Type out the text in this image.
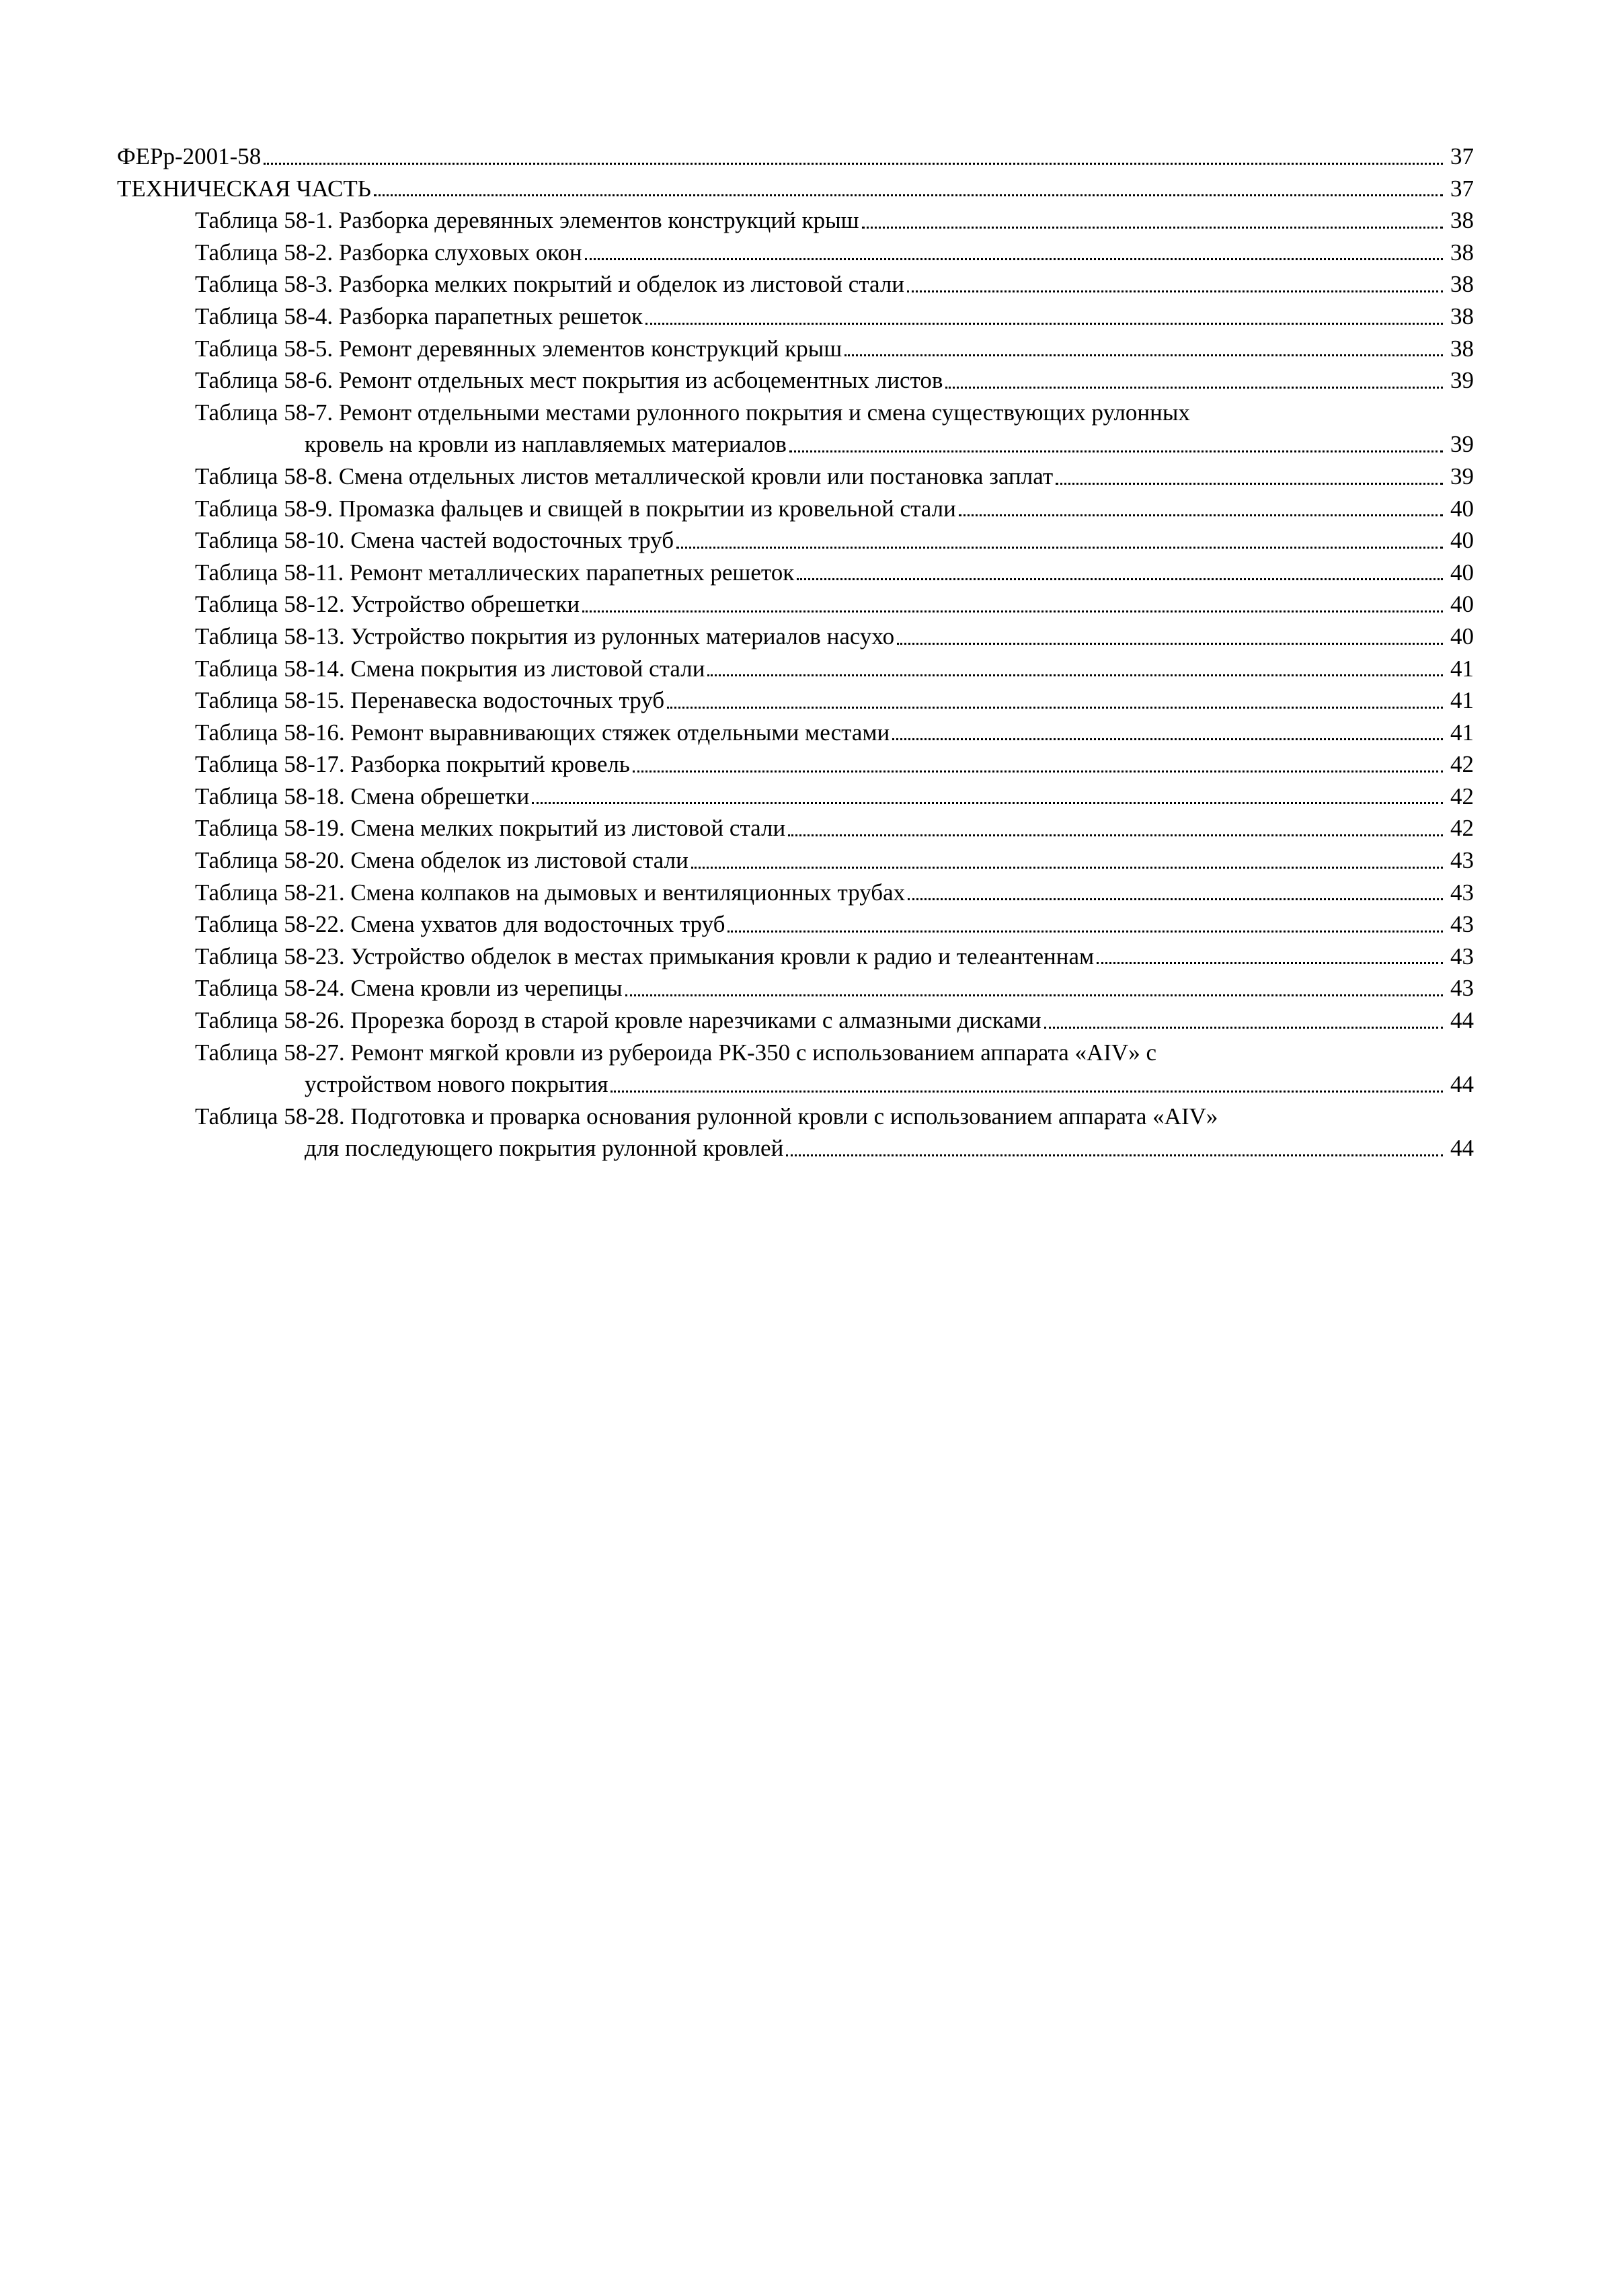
ФЕРр-2001-58	37
ТЕХНИЧЕСКАЯ ЧАСТЬ	37
Таблица 58-1. Разборка деревянных элементов конструкций крыш	38
Таблица 58-2. Разборка слуховых окон	38
Таблица 58-3. Разборка мелких покрытий и обделок из листовой стали	38
Таблица 58-4. Разборка парапетных решеток	38
Таблица 58-5. Ремонт деревянных элементов конструкций крыш	38
Таблица 58-6. Ремонт отдельных мест покрытия из асбоцементных листов	39
Таблица 58-7. Ремонт отдельными местами рулонного покрытия и смена существующих рулонных
кровель на кровли из наплавляемых материалов	39
Таблица 58-8. Смена отдельных листов металлической кровли или постановка заплат	39
Таблица 58-9. Промазка фальцев и свищей в покрытии из кровельной стали	40
Таблица 58-10. Смена частей водосточных труб	40
Таблица 58-11. Ремонт металлических парапетных решеток	40
Таблица 58-12. Устройство обрешетки	40
Таблица 58-13. Устройство покрытия из рулонных материалов насухо	40
Таблица 58-14. Смена покрытия из листовой стали	41
Таблица 58-15. Перенавеска водосточных труб	41
Таблица 58-16. Ремонт выравнивающих стяжек отдельными местами	41
Таблица 58-17. Разборка покрытий кровель	42
Таблица 58-18. Смена обрешетки	42
Таблица 58-19. Смена мелких покрытий из листовой стали	42
Таблица 58-20. Смена обделок из листовой стали	43
Таблица 58-21. Смена колпаков на дымовых и вентиляционных трубах	43
Таблица 58-22. Смена ухватов для водосточных труб	43
Таблица 58-23. Устройство обделок в местах примыкания кровли к радио и телеантеннам	43
Таблица 58-24. Смена кровли из черепицы	43
Таблица 58-26. Прорезка борозд в старой кровле нарезчиками с алмазными дисками	44
Таблица 58-27. Ремонт мягкой кровли из рубероида РК-350 с использованием аппарата «AIV» с
устройством нового покрытия	44
Таблица 58-28. Подготовка и проварка основания рулонной кровли с использованием аппарата «AIV»
для последующего покрытия рулонной кровлей	44
